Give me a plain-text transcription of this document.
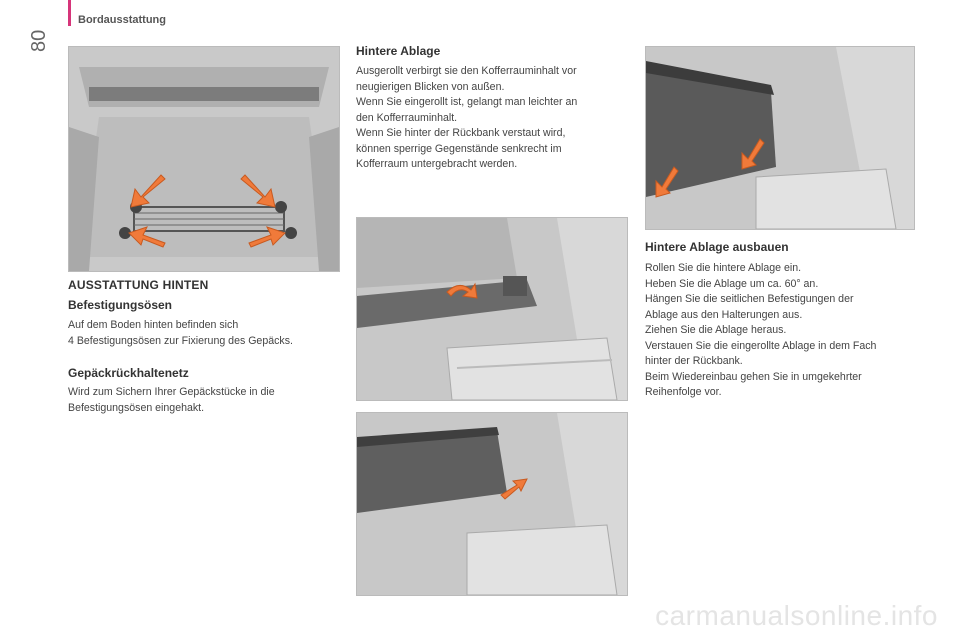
Bordausstattung
80
AUSSTATTUNG HINTEN
Befestigungsösen
Auf dem Boden hinten befinden sich
4 Befestigungsösen zur Fixierung des Gepäcks.
Gepäckrückhaltenetz
Wird zum Sichern Ihrer Gepäckstücke in die
Befestigungsösen eingehakt.
Hintere Ablage
Ausgerollt verbirgt sie den Kofferrauminhalt vor
neugierigen Blicken von außen.
Wenn Sie eingerollt ist, gelangt man leichter an
den Kofferrauminhalt.
Wenn Sie hinter der Rückbank verstaut wird,
können sperrige Gegenstände senkrecht im
Kofferraum untergebracht werden.
Hintere Ablage ausbauen
Rollen Sie die hintere Ablage ein.
Heben Sie die Ablage um ca. 60° an.
Hängen Sie die seitlichen Befestigungen der
Ablage aus den Halterungen aus.
Ziehen Sie die Ablage heraus.
Verstauen Sie die eingerollte Ablage in dem Fach
hinter der Rückbank.
Beim Wiedereinbau gehen Sie in umgekehrter
Reihenfolge vor.
carmanualsonline.info
